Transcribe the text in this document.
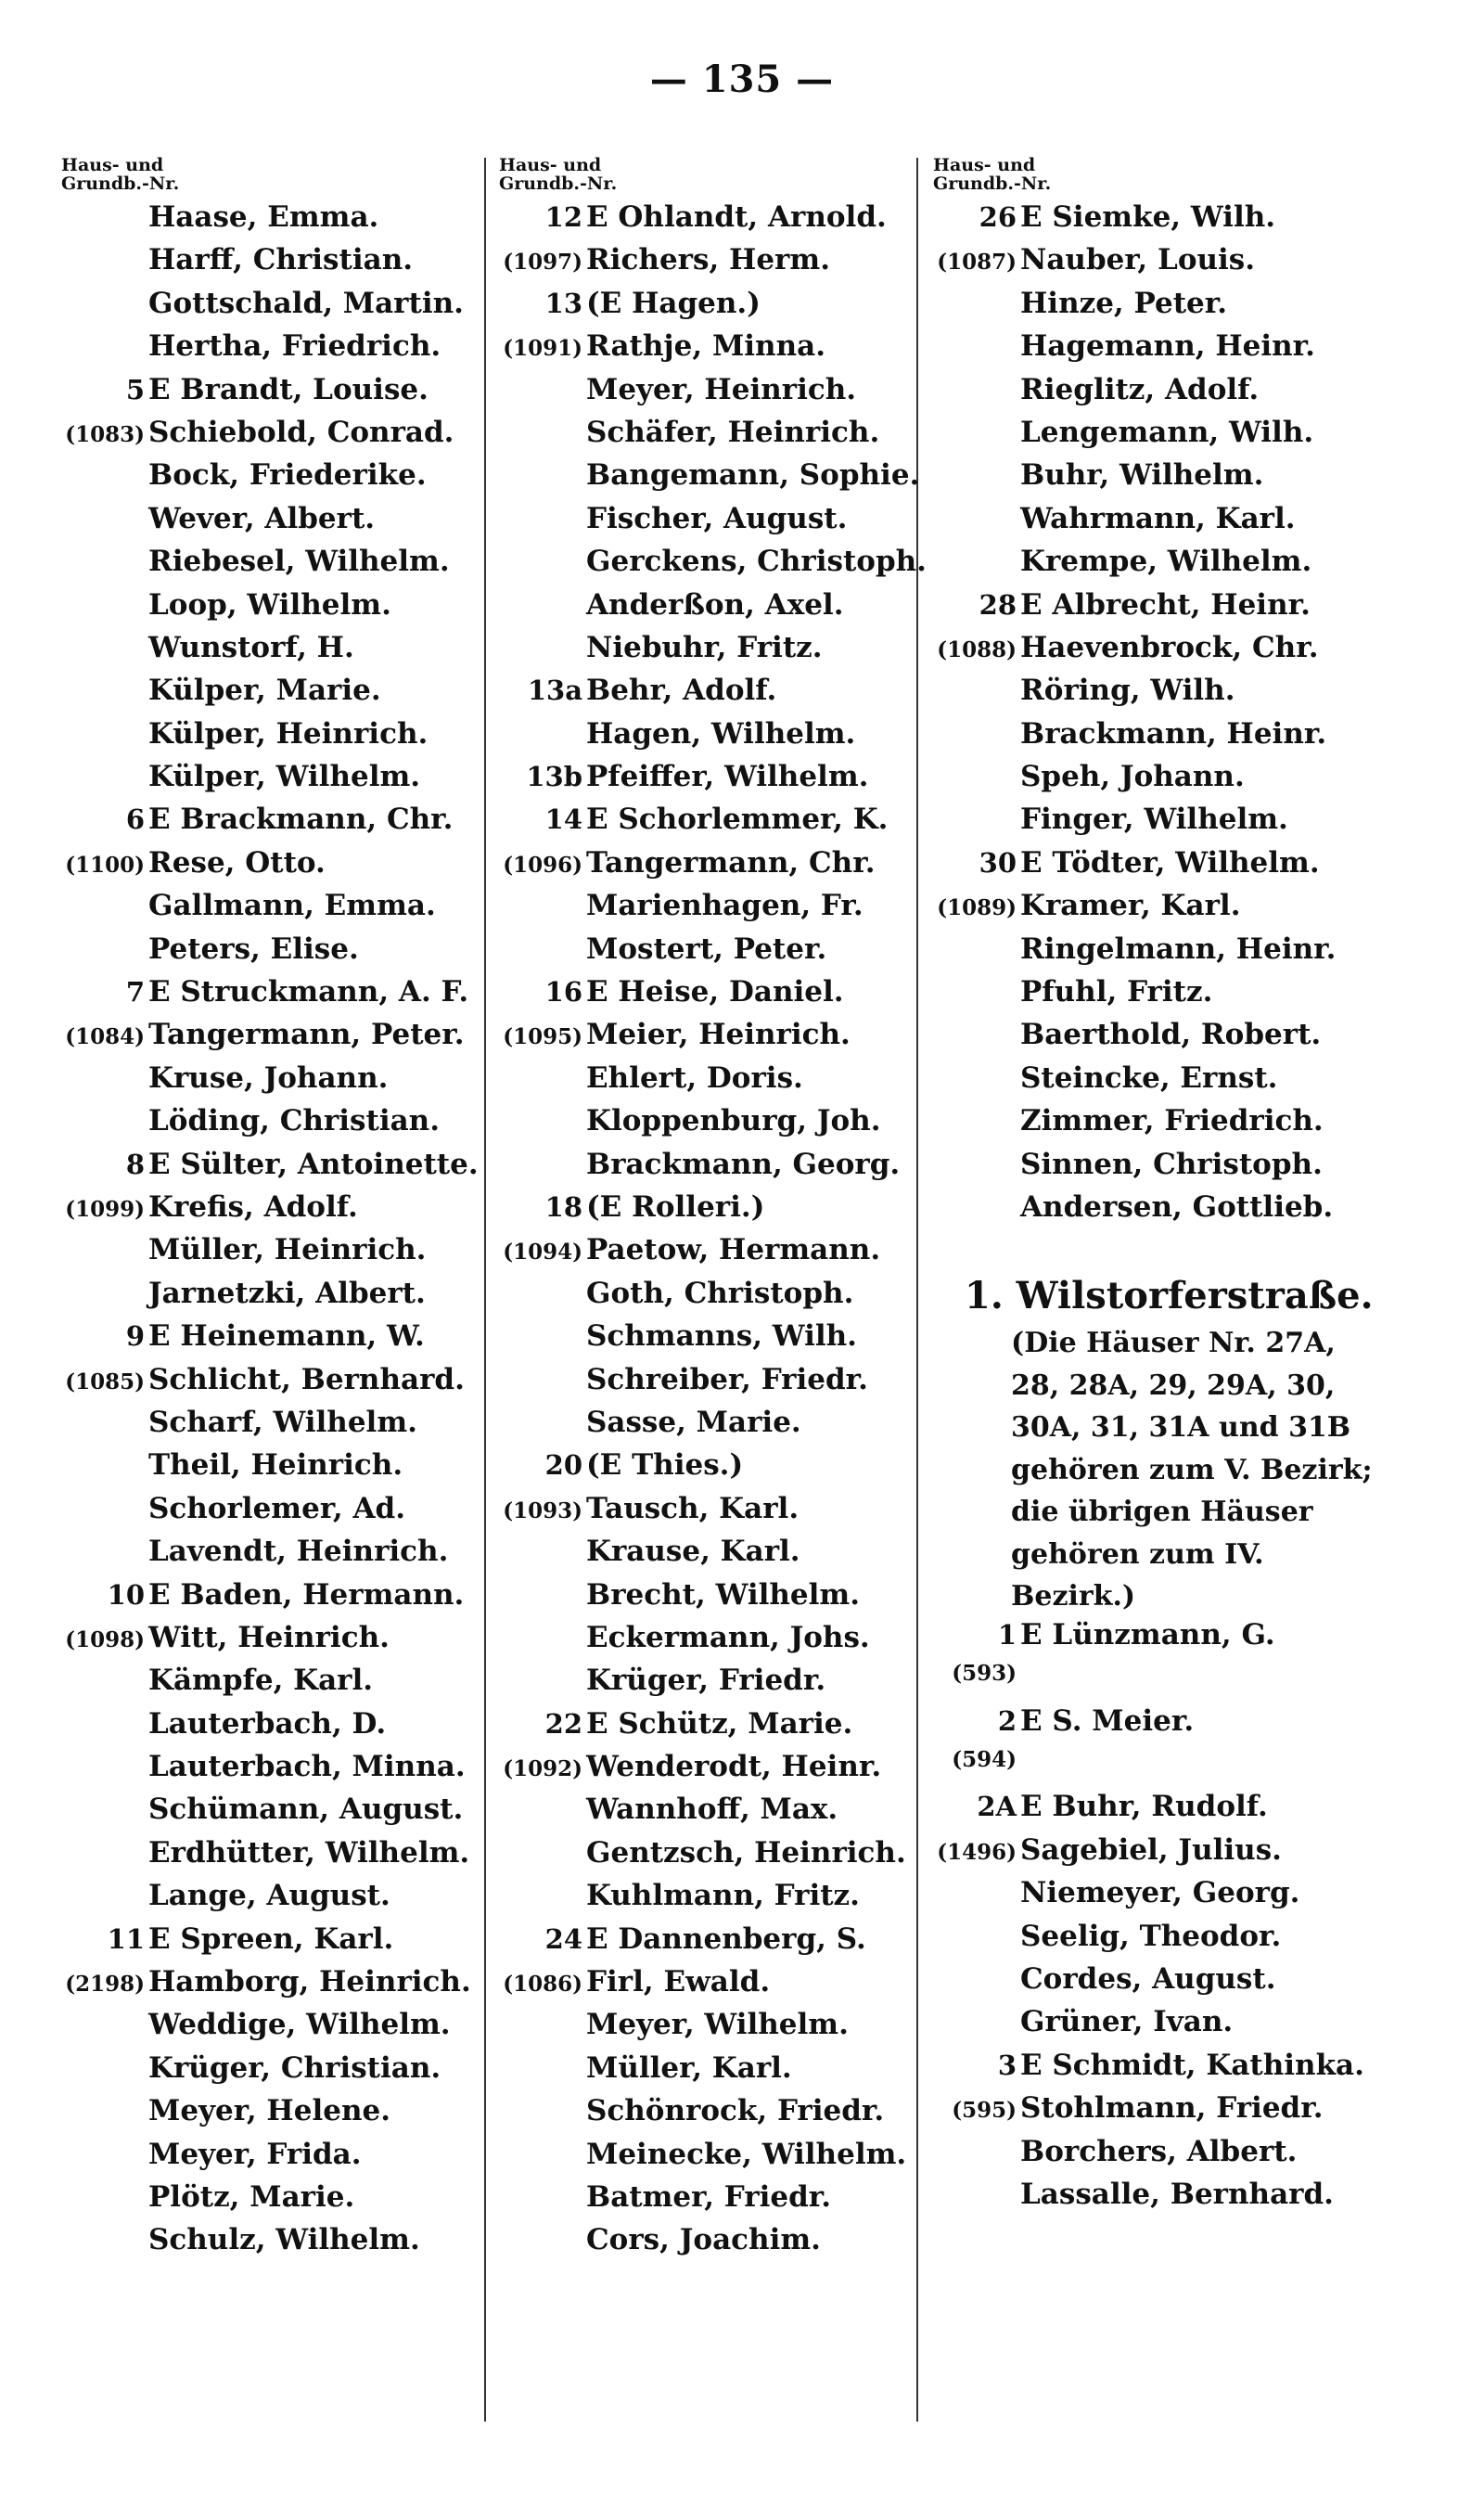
— 135 —
Haus- und
Grundb.-Nr.
Haase, Emma.
Harff, Christian.
Gottschald, Martin.
Hertha, Friedrich.
5 E Brandt, Louise.
(1083) Schiebold, Conrad.
Bock, Friederike.
Wever, Albert.
Riebesel, Wilhelm.
Loop, Wilhelm.
Wunstorf, H.
Külper, Marie.
Külper, Heinrich.
Külper, Wilhelm.
6 E Brackmann, Chr.
(1100) Rese, Otto.
Gallmann, Emma.
Peters, Elise.
7 E Struckmann, A. F.
(1084) Tangermann, Peter.
Kruse, Johann.
Löding, Christian.
8 E Sülter, Antoinette.
(1099) Krefis, Adolf.
Müller, Heinrich.
Jarnetzki, Albert.
9 E Heinemann, W.
(1085) Schlicht, Bernhard.
Scharf, Wilhelm.
Theil, Heinrich.
Schorlemer, Ad.
Lavendt, Heinrich.
10 E Baden, Hermann.
(1098) Witt, Heinrich.
Kämpfe, Karl.
Lauterbach, D.
Lauterbach, Minna.
Schümann, August.
Erdhütter, Wilhelm.
Lange, August.
11 E Spreen, Karl.
(2198) Hamborg, Heinrich.
Weddige, Wilhelm.
Krüger, Christian.
Meyer, Helene.
Meyer, Frida.
Plötz, Marie.
Schulz, Wilhelm.
Haus- und
Grundb.-Nr.
12 E Ohlandt, Arnold.
(1097) Richers, Herm.
13 (E Hagen.)
(1091) Rathje, Minna.
Meyer, Heinrich.
Schäfer, Heinrich.
Bangemann, Sophie.
Fischer, August.
Gerckens, Christoph.
Anderßon, Axel.
Niebuhr, Fritz.
13a Behr, Adolf.
Hagen, Wilhelm.
13b Pfeiffer, Wilhelm.
14 E Schorlemmer, K.
(1096) Tangermann, Chr.
Marienhagen, Fr.
Mostert, Peter.
16 E Heise, Daniel.
(1095) Meier, Heinrich.
Ehlert, Doris.
Kloppenburg, Joh.
Brackmann, Georg.
18 (E Rolleri.)
(1094) Paetow, Hermann.
Goth, Christoph.
Schmanns, Wilh.
Schreiber, Friedr.
Sasse, Marie.
20 (E Thies.)
(1093) Tausch, Karl.
Krause, Karl.
Brecht, Wilhelm.
Eckermann, Johs.
Krüger, Friedr.
22 E Schütz, Marie.
(1092) Wenderodt, Heinr.
Wannhoff, Max.
Gentzsch, Heinrich.
Kuhlmann, Fritz.
24 E Dannenberg, S.
(1086) Firl, Ewald.
Meyer, Wilhelm.
Müller, Karl.
Schönrock, Friedr.
Meinecke, Wilhelm.
Batmer, Friedr.
Cors, Joachim.
Haus- und
Grundb.-Nr.
26 E Siemke, Wilh.
(1087) Nauber, Louis.
Hinze, Peter.
Hagemann, Heinr.
Rieglitz, Adolf.
Lengemann, Wilh.
Buhr, Wilhelm.
Wahrmann, Karl.
Krempe, Wilhelm.
28 E Albrecht, Heinr.
(1088) Haevenbrock, Chr.
Röring, Wilh.
Brackmann, Heinr.
Speh, Johann.
Finger, Wilhelm.
30 E Tödter, Wilhelm.
(1089) Kramer, Karl.
Ringelmann, Heinr.
Pfuhl, Fritz.
Baerthold, Robert.
Steincke, Ernst.
Zimmer, Friedrich.
Sinnen, Christoph.
Andersen, Gottlieb.
1. Wilstorferstraße.
(Die Häuser Nr. 27A, 28, 28A, 29, 29A, 30, 30A, 31, 31A und 31B gehören zum V. Bezirk; die übrigen Häuser gehören zum IV. Bezirk.)
1 E Lünzmann, G.
(593)
2 E S. Meier.
(594)
2A E Buhr, Rudolf.
(1496) Sagebiel, Julius.
Niemeyer, Georg.
Seelig, Theodor.
Cordes, August.
Grüner, Ivan.
3 E Schmidt, Kathinka.
(595) Stohlmann, Friedr.
Borchers, Albert.
Lassalle, Bernhard.
